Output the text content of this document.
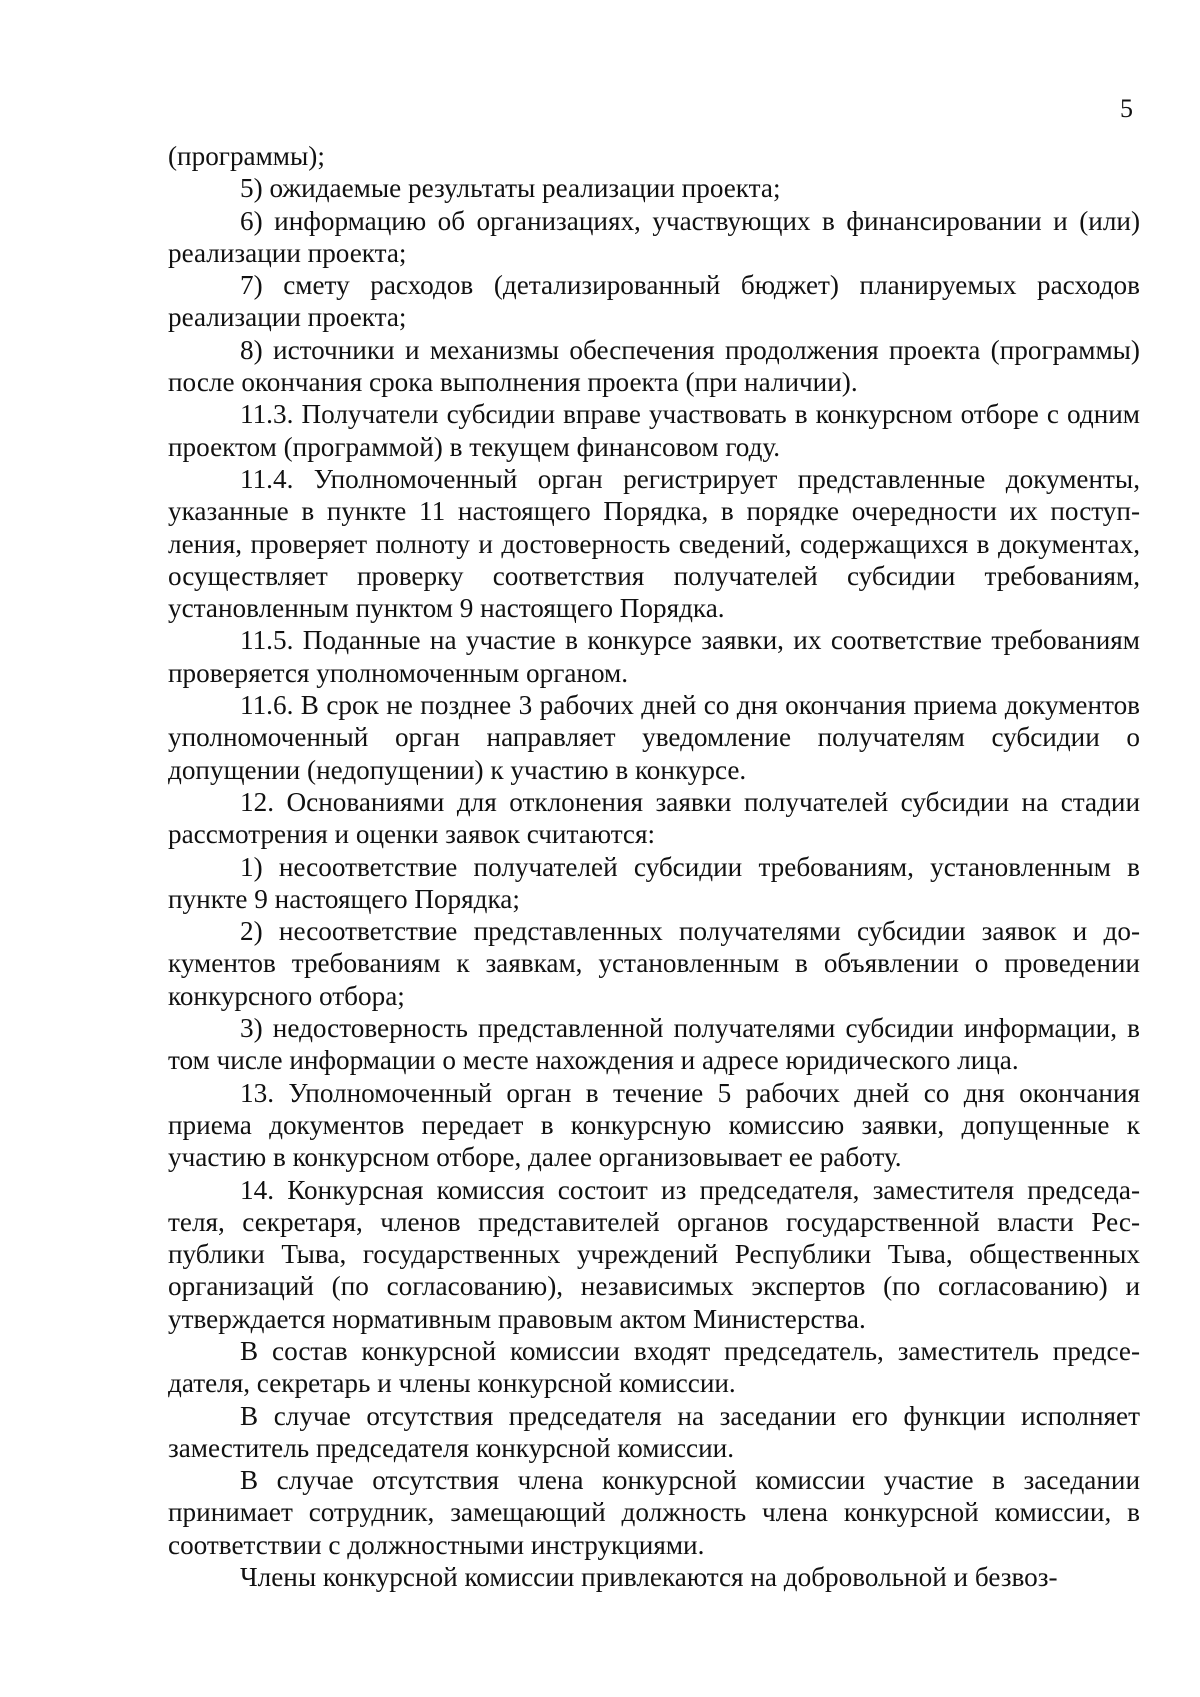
5

(программы);

5) ожидаемые результаты реализации проекта;

6) информацию об организациях, участвующих в финансировании и (или) реализации проекта;

7) смету расходов (детализированный бюджет) планируемых расходов реализации проекта;

8) источники и механизмы обеспечения продолжения проекта (программы) после окончания срока выполнения проекта (при наличии).

11.3. Получатели субсидии вправе участвовать в конкурсном отборе с одним проектом (программой) в текущем финансовом году.

11.4. Уполномоченный орган регистрирует представленные документы, указанные в пункте 11 настоящего Порядка, в порядке очередности их поступления, проверяет полноту и достоверность сведений, содержащихся в документах, осуществляет проверку соответствия получателей субсидии требованиям, установленным пунктом 9 настоящего Порядка.

11.5. Поданные на участие в конкурсе заявки, их соответствие требованиям проверяется уполномоченным органом.

11.6. В срок не позднее 3 рабочих дней со дня окончания приема документов уполномоченный орган направляет уведомление получателям субсидии о допущении (недопущении) к участию в конкурсе.

12. Основаниями для отклонения заявки получателей субсидии на стадии рассмотрения и оценки заявок считаются:

1) несоответствие получателей субсидии требованиям, установленным в пункте 9 настоящего Порядка;

2) несоответствие представленных получателями субсидии заявок и документов требованиям к заявкам, установленным в объявлении о проведении конкурсного отбора;

3) недостоверность представленной получателями субсидии информации, в том числе информации о месте нахождения и адресе юридического лица.

13. Уполномоченный орган в течение 5 рабочих дней со дня окончания приема документов передает в конкурсную комиссию заявки, допущенные к участию в конкурсном отборе, далее организовывает ее работу.

14. Конкурсная комиссия состоит из председателя, заместителя председателя, секретаря, членов представителей органов государственной власти Республики Тыва, государственных учреждений Республики Тыва, общественных организаций (по согласованию), независимых экспертов (по согласованию) и утверждается нормативным правовым актом Министерства.

В состав конкурсной комиссии входят председатель, заместитель председателя, секретарь и члены конкурсной комиссии.

В случае отсутствия председателя на заседании его функции исполняет заместитель председателя конкурсной комиссии.

В случае отсутствия члена конкурсной комиссии участие в заседании принимает сотрудник, замещающий должность члена конкурсной комиссии, в соответствии с должностными инструкциями.

Члены конкурсной комиссии привлекаются на добровольной и безвоз-
